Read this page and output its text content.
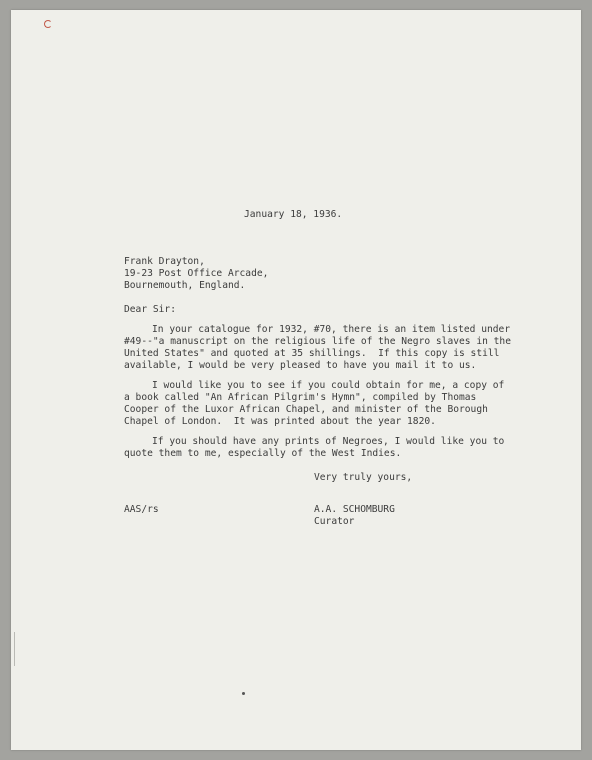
January 18, 1936.
Frank Drayton,
19-23 Post Office Arcade,
Bournemouth, England.
Dear Sir:
In your catalogue for 1932, #70, there is an item listed under
#49--"a manuscript on the religious life of the Negro slaves in the
United States" and quoted at 35 shillings.  If this copy is still
available, I would be very pleased to have you mail it to us.
I would like you to see if you could obtain for me, a copy of
a book called "An African Pilgrim's Hymn", compiled by Thomas
Cooper of the Luxor African Chapel, and minister of the Borough
Chapel of London.  It was printed about the year 1820.
If you should have any prints of Negroes, I would like you to
quote them to me, especially of the West Indies.
Very truly yours,
AAS/rs	A.A. SCHOMBURG
Curator
